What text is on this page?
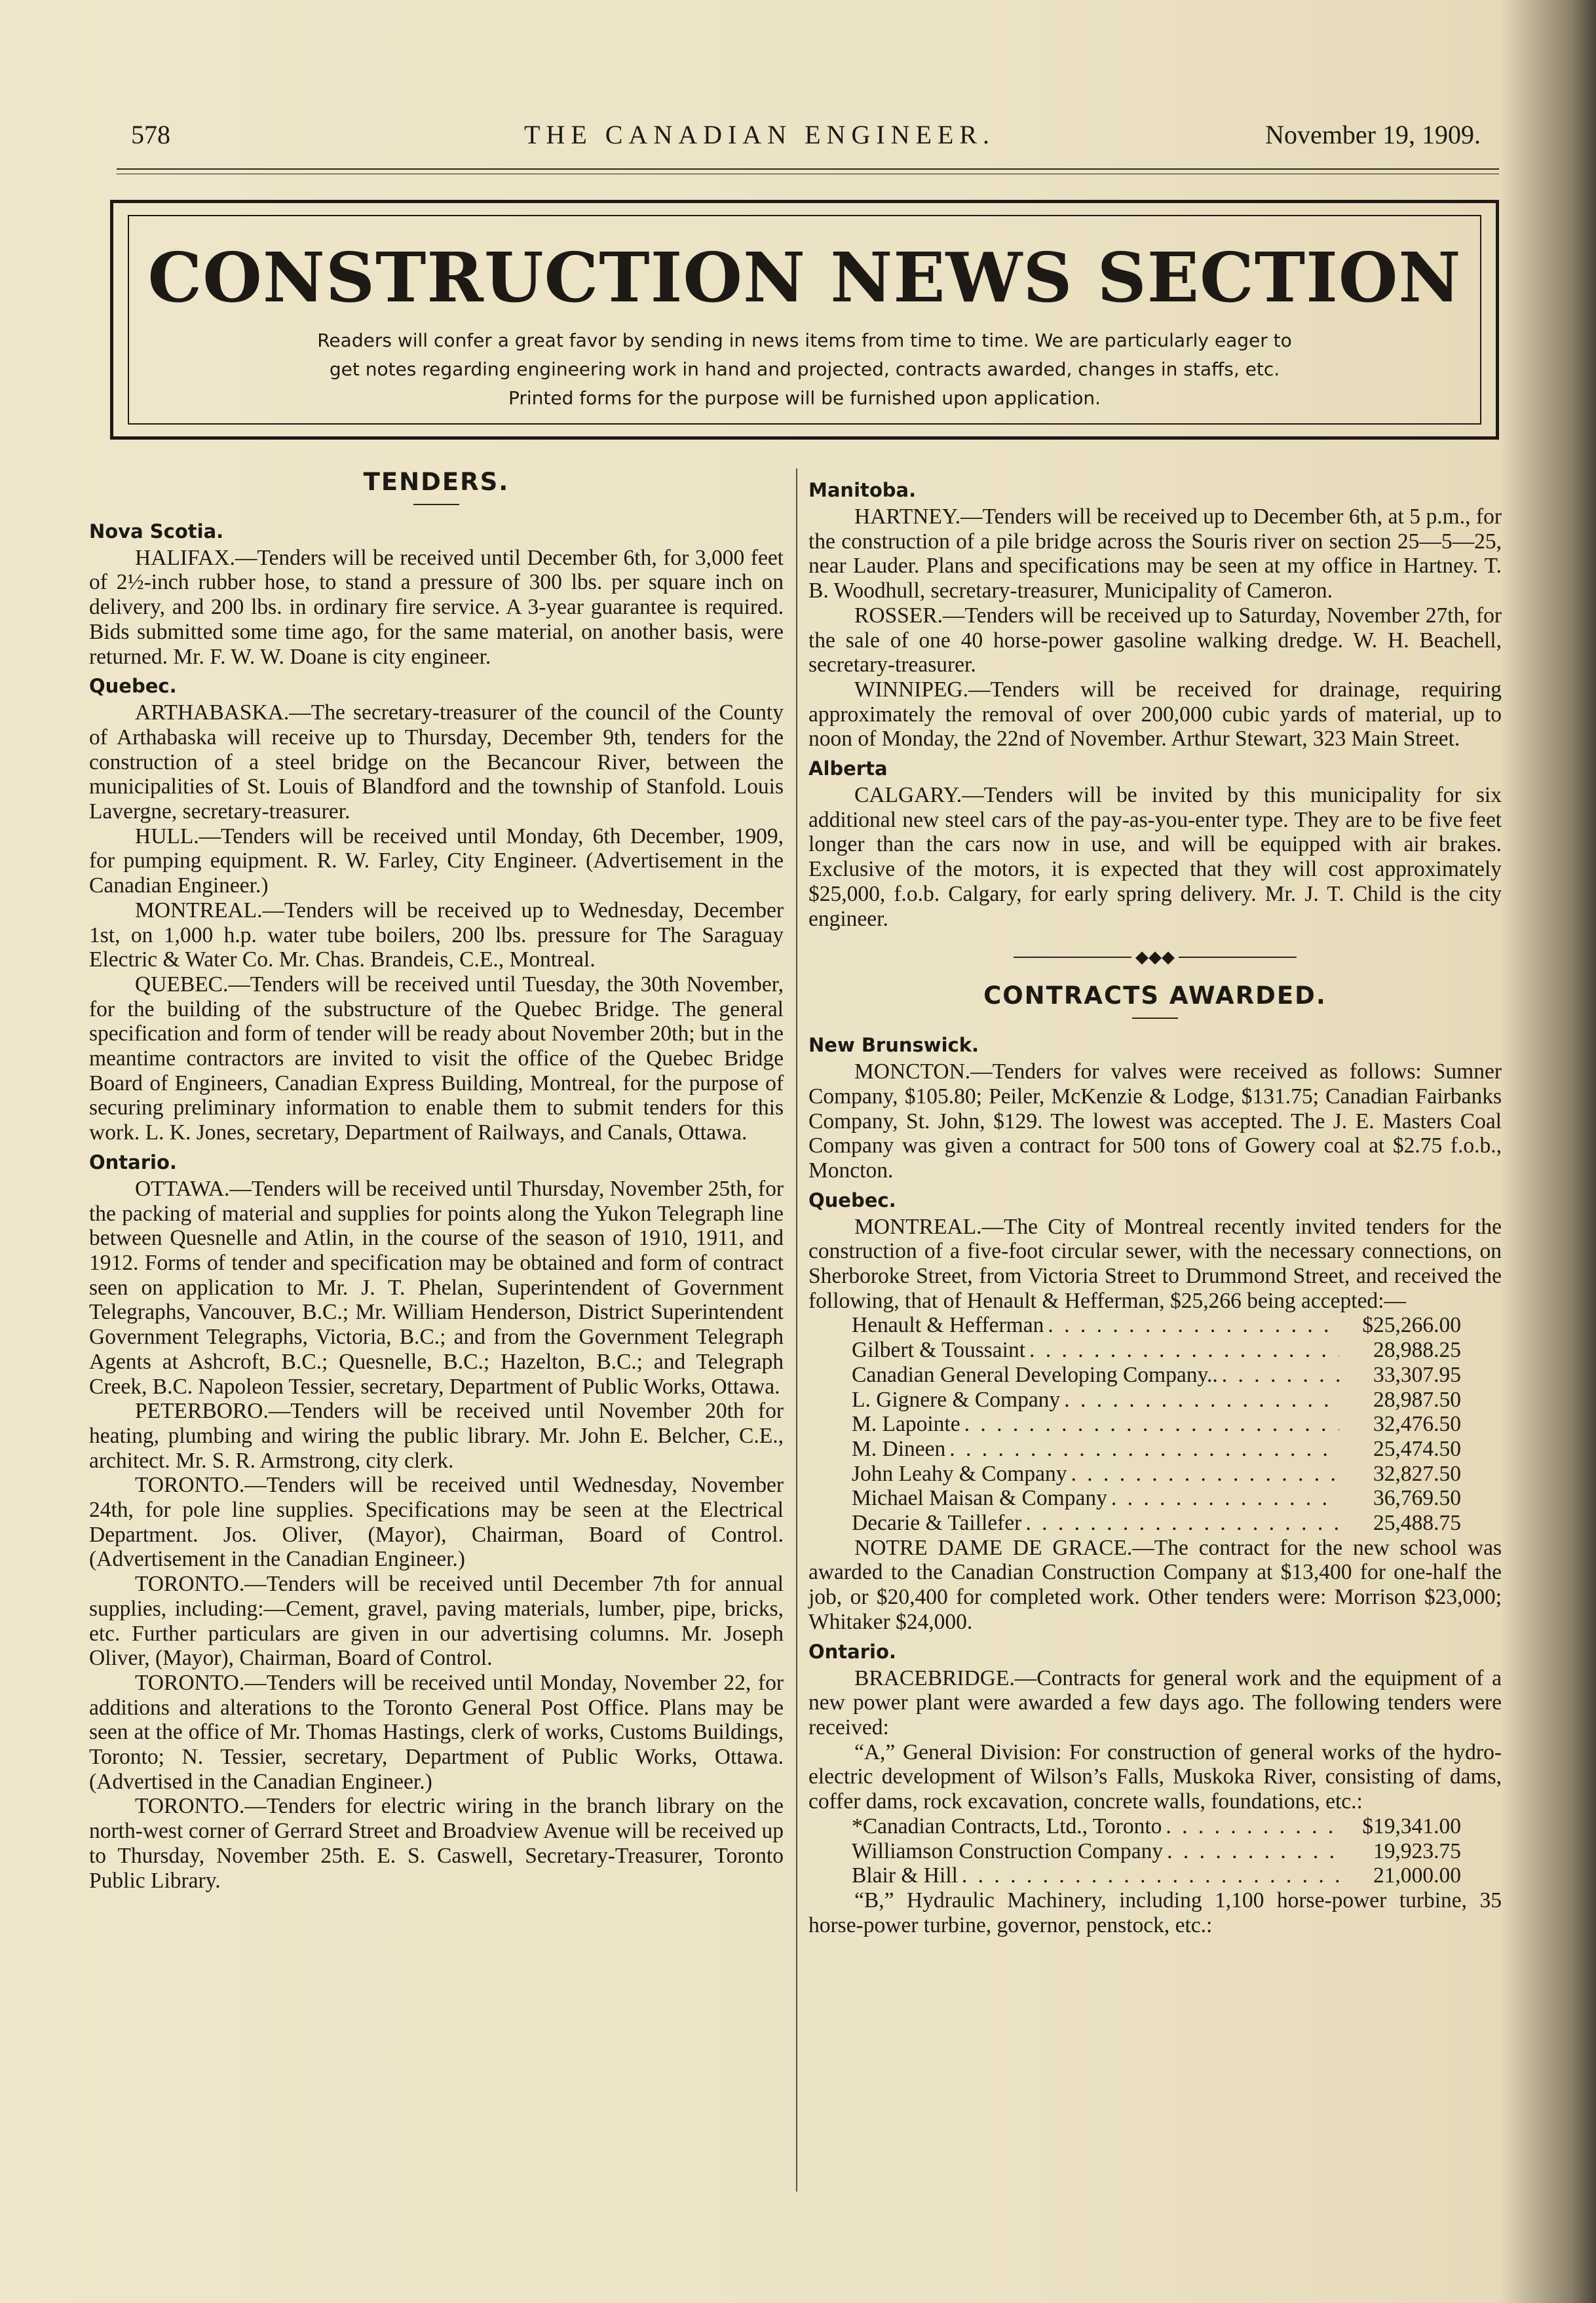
578	THE CANADIAN ENGINEER.	November 19, 1909.
CONSTRUCTION NEWS SECTION
Readers will confer a great favor by sending in news items from time to time. We are particularly eager to
get notes regarding engineering work in hand and projected, contracts awarded, changes in staffs, etc.
Printed forms for the purpose will be furnished upon application.
TENDERS.
Nova Scotia.

HALIFAX.—Tenders will be received until December 6th, for 3,000 feet of 2½-inch rubber hose, to stand a pressure of 300 lbs. per square inch on delivery, and 200 lbs. in ordinary fire service. A 3-year guarantee is required. Bids submitted some time ago, for the same material, on another basis, were returned. Mr. F. W. W. Doane is city engineer.

Quebec.

ARTHABASKA.—The secretary-treasurer of the council of the County of Arthabaska will receive up to Thursday, December 9th, tenders for the construction of a steel bridge on the Becancour River, between the municipalities of St. Louis of Blandford and the township of Stanfold. Louis Lavergne, secretary-treasurer.

HULL.—Tenders will be received until Monday, 6th December, 1909, for pumping equipment. R. W. Farley, City Engineer. (Advertisement in the Canadian Engineer.)

MONTREAL.—Tenders will be received up to Wednesday, December 1st, on 1,000 h.p. water tube boilers, 200 lbs. pressure for The Saraguay Electric & Water Co. Mr. Chas. Brandeis, C.E., Montreal.

QUEBEC.—Tenders will be received until Tuesday, the 30th November, for the building of the substructure of the Quebec Bridge. The general specification and form of tender will be ready about November 20th; but in the meantime contractors are invited to visit the office of the Quebec Bridge Board of Engineers, Canadian Express Building, Montreal, for the purpose of securing preliminary information to enable them to submit tenders for this work. L. K. Jones, secretary, Department of Railways, and Canals, Ottawa.

Ontario.

OTTAWA.—Tenders will be received until Thursday, November 25th, for the packing of material and supplies for points along the Yukon Telegraph line between Quesnelle and Atlin, in the course of the season of 1910, 1911, and 1912. Forms of tender and specification may be obtained and form of contract seen on application to Mr. J. T. Phelan, Superintendent of Government Telegraphs, Vancouver, B.C.; Mr. William Henderson, District Superintendent Government Telegraphs, Victoria, B.C.; and from the Government Telegraph Agents at Ashcroft, B.C.; Quesnelle, B.C.; Hazelton, B.C.; and Telegraph Creek, B.C. Napoleon Tessier, secretary, Department of Public Works, Ottawa.

PETERBORO.—Tenders will be received until November 20th for heating, plumbing and wiring the public library. Mr. John E. Belcher, C.E., architect. Mr. S. R. Armstrong, city clerk.

TORONTO.—Tenders will be received until Wednesday, November 24th, for pole line supplies. Specifications may be seen at the Electrical Department. Jos. Oliver, (Mayor), Chairman, Board of Control. (Advertisement in the Canadian Engineer.)

TORONTO.—Tenders will be received until December 7th for annual supplies, including:—Cement, gravel, paving materials, lumber, pipe, bricks, etc. Further particulars are given in our advertising columns. Mr. Joseph Oliver, (Mayor), Chairman, Board of Control.

TORONTO.—Tenders will be received until Monday, November 22, for additions and alterations to the Toronto General Post Office. Plans may be seen at the office of Mr. Thomas Hastings, clerk of works, Customs Buildings, Toronto; N. Tessier, secretary, Department of Public Works, Ottawa. (Advertised in the Canadian Engineer.)

TORONTO.—Tenders for electric wiring in the branch library on the north-west corner of Gerrard Street and Broadview Avenue will be received up to Thursday, November 25th. E. S. Caswell, Secretary-Treasurer, Toronto Public Library.

Manitoba.

HARTNEY.—Tenders will be received up to December 6th, at 5 p.m., for the construction of a pile bridge across the Souris river on section 25—5—25, near Lauder. Plans and specifications may be seen at my office in Hartney. T. B. Woodhull, secretary-treasurer, Municipality of Cameron.

ROSSER.—Tenders will be received up to Saturday, November 27th, for the sale of one 40 horse-power gasoline walking dredge. W. H. Beachell, secretary-treasurer.

WINNIPEG.—Tenders will be received for drainage, requiring approximately the removal of over 200,000 cubic yards of material, up to noon of Monday, the 22nd of November. Arthur Stewart, 323 Main Street.

Alberta

CALGARY.—Tenders will be invited by this municipality for six additional new steel cars of the pay-as-you-enter type. They are to be five feet longer than the cars now in use, and will be equipped with air brakes. Exclusive of the motors, it is expected that they will cost approximately $25,000, f.o.b. Calgary, for early spring delivery. Mr. J. T. Child is the city engineer.

◆◆◆
CONTRACTS AWARDED.
New Brunswick.

MONCTON.—Tenders for valves were received as follows: Sumner Company, $105.80; Peiler, McKenzie & Lodge, $131.75; Canadian Fairbanks Company, St. John, $129. The lowest was accepted. The J. E. Masters Coal Company was given a contract for 500 tons of Gowery coal at $2.75 f.o.b., Moncton.

Quebec.

MONTREAL.—The City of Montreal recently invited tenders for the construction of a five-foot circular sewer, with the necessary connections, on Sherboroke Street, from Victoria Street to Drummond Street, and received the following, that of Henault & Hefferman, $25,266 being accepted:—

Henault & Hefferman . . .	$25,266.00
Gilbert & Toussaint . . .	28,988.25
Canadian General Developing Company.. . . .	33,307.95
L. Gignere & Company . . .	28,987.50
M. Lapointe . . .	32,476.50
M. Dineen . . .	25,474.50
John Leahy & Company . . .	32,827.50
Michael Maisan & Company . . .	36,769.50
Decarie & Taillefer . . .	25,488.75

NOTRE DAME DE GRACE.—The contract for the new school was awarded to the Canadian Construction Company at $13,400 for one-half the job, or $20,400 for completed work. Other tenders were: Morrison $23,000; Whitaker $24,000.

Ontario.

BRACEBRIDGE.—Contracts for general work and the equipment of a new power plant were awarded a few days ago. The following tenders were received:

“A,” General Division: For construction of general works of the hydro-electric development of Wilson’s Falls, Muskoka River, consisting of dams, coffer dams, rock excavation, concrete walls, foundations, etc.:

*Canadian Contracts, Ltd., Toronto . . .	$19,341.00
Williamson Construction Company . . .	19,923.75
Blair & Hill . . .	21,000.00

“B,” Hydraulic Machinery, including 1,100 horse-power turbine, 35 horse-power turbine, governor, penstock, etc.:
